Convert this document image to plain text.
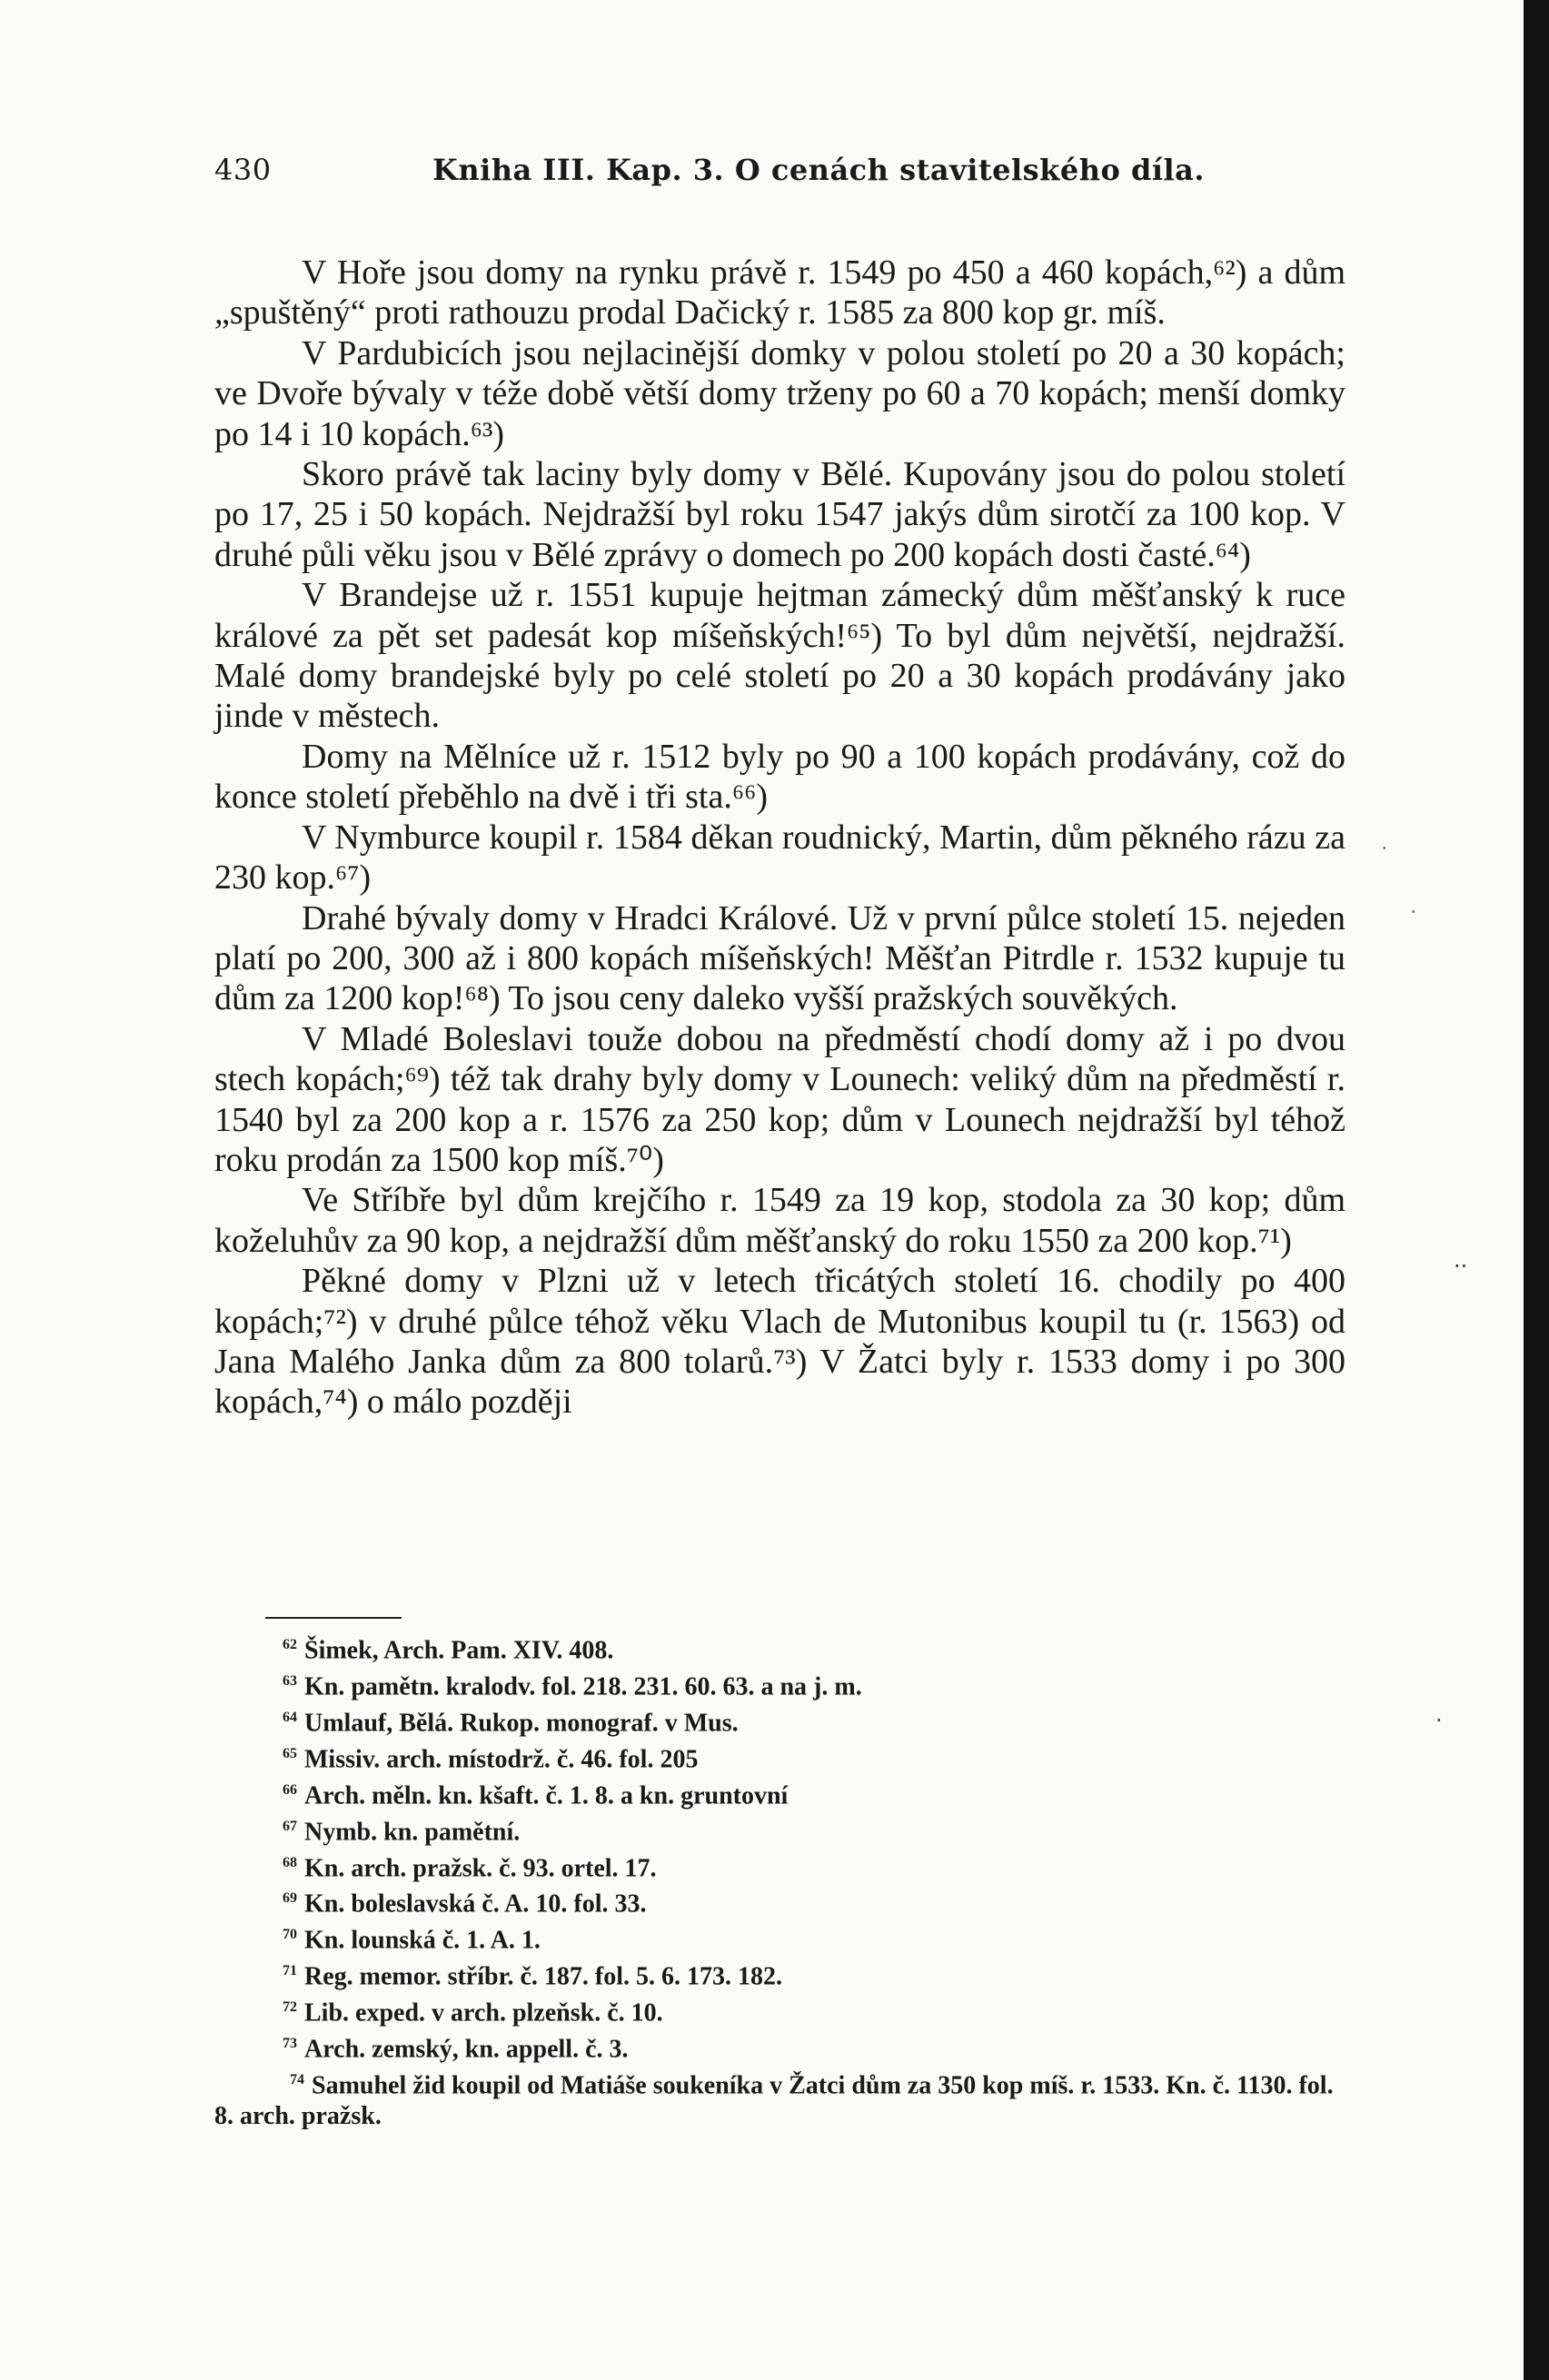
430	Kniha III. Kap. 3. O cenách stavitelského díla.

V Hoře jsou domy na rynku právě r. 1549 po 450 a 460 kopách,⁶²) a dům „spuštěný“ proti rathouzu prodal Dačický r. 1585 za 800 kop gr. míš.

V Pardubicích jsou nejlacinější domky v polou století po 20 a 30 kopách; ve Dvoře bývaly v téže době větší domy trženy po 60 a 70 kopách; menší domky po 14 i 10 kopách.⁶³)

Skoro právě tak laciny byly domy v Bělé. Kupovány jsou do polou století po 17, 25 i 50 kopách. Nejdražší byl roku 1547 jakýs dům sirotčí za 100 kop. V druhé půli věku jsou v Bělé zprávy o domech po 200 kopách dosti časté.⁶⁴)

V Brandejse už r. 1551 kupuje hejtman zámecký dům měšťanský k ruce králové za pět set padesát kop míšeňských!⁶⁵) To byl dům největší, nejdražší. Malé domy brandejské byly po celé století po 20 a 30 kopách prodávány jako jinde v městech.

Domy na Mělníce už r. 1512 byly po 90 a 100 kopách prodávány, což do konce století přeběhlo na dvě i tři sta.⁶⁶)

V Nymburce koupil r. 1584 děkan roudnický, Martin, dům pěkného rázu za 230 kop.⁶⁷)

Drahé bývaly domy v Hradci Králové. Už v první půlce století 15. nejeden platí po 200, 300 až i 800 kopách míšeňských! Měšťan Pitrdle r. 1532 kupuje tu dům za 1200 kop!⁶⁸) To jsou ceny daleko vyšší pražských souvěkých.

V Mladé Boleslavi touže dobou na předměstí chodí domy až i po dvou stech kopách;⁶⁹) též tak drahy byly domy v Lounech: veliký dům na předměstí r. 1540 byl za 200 kop a r. 1576 za 250 kop; dům v Lounech nejdražší byl téhož roku prodán za 1500 kop míš.⁷⁰)

Ve Stříbře byl dům krejčího r. 1549 za 19 kop, stodola za 30 kop; dům koželuhův za 90 kop, a nejdražší dům měšťanský do roku 1550 za 200 kop.⁷¹)

Pěkné domy v Plzni už v letech třicátých století 16. chodily po 400 kopách;⁷²) v druhé půlce téhož věku Vlach de Mutonibus koupil tu (r. 1563) od Jana Malého Janka dům za 800 tolarů.⁷³) V Žatci byly r. 1533 domy i po 300 kopách,⁷⁴) o málo později

$^{62}$ Šimek, Arch. Pam. XIV. 408.

$^{63}$ Kn. pamětn. kralodv. fol. 218. 231. 60. 63. a na j. m.

$^{64}$ Umlauf, Bělá. Rukop. monograf. v Mus.

$^{65}$ Missiv. arch. místodrž. č. 46. fol. 205

$^{66}$ Arch. měln. kn. kšaft. č. 1. 8. a kn. gruntovní

$^{67}$ Nymb. kn. pamětní.

$^{68}$ Kn. arch. pražsk. č. 93. ortel. 17.

$^{69}$ Kn. boleslavská č. A. 10. fol. 33.

$^{70}$ Kn. lounská č. 1. A. 1.

$^{71}$ Reg. memor. stříbr. č. 187. fol. 5. 6. 173. 182.

$^{72}$ Lib. exped. v arch. plzeňsk. č. 10.

$^{73}$ Arch. zemský, kn. appell. č. 3.

$^{74}$ Samuhel žid koupil od Matiáše soukeníka v Žatci dům za 350 kop míš. r. 1533. Kn. č. 1130. fol. 8. arch. pražsk.

·
·
··
·
